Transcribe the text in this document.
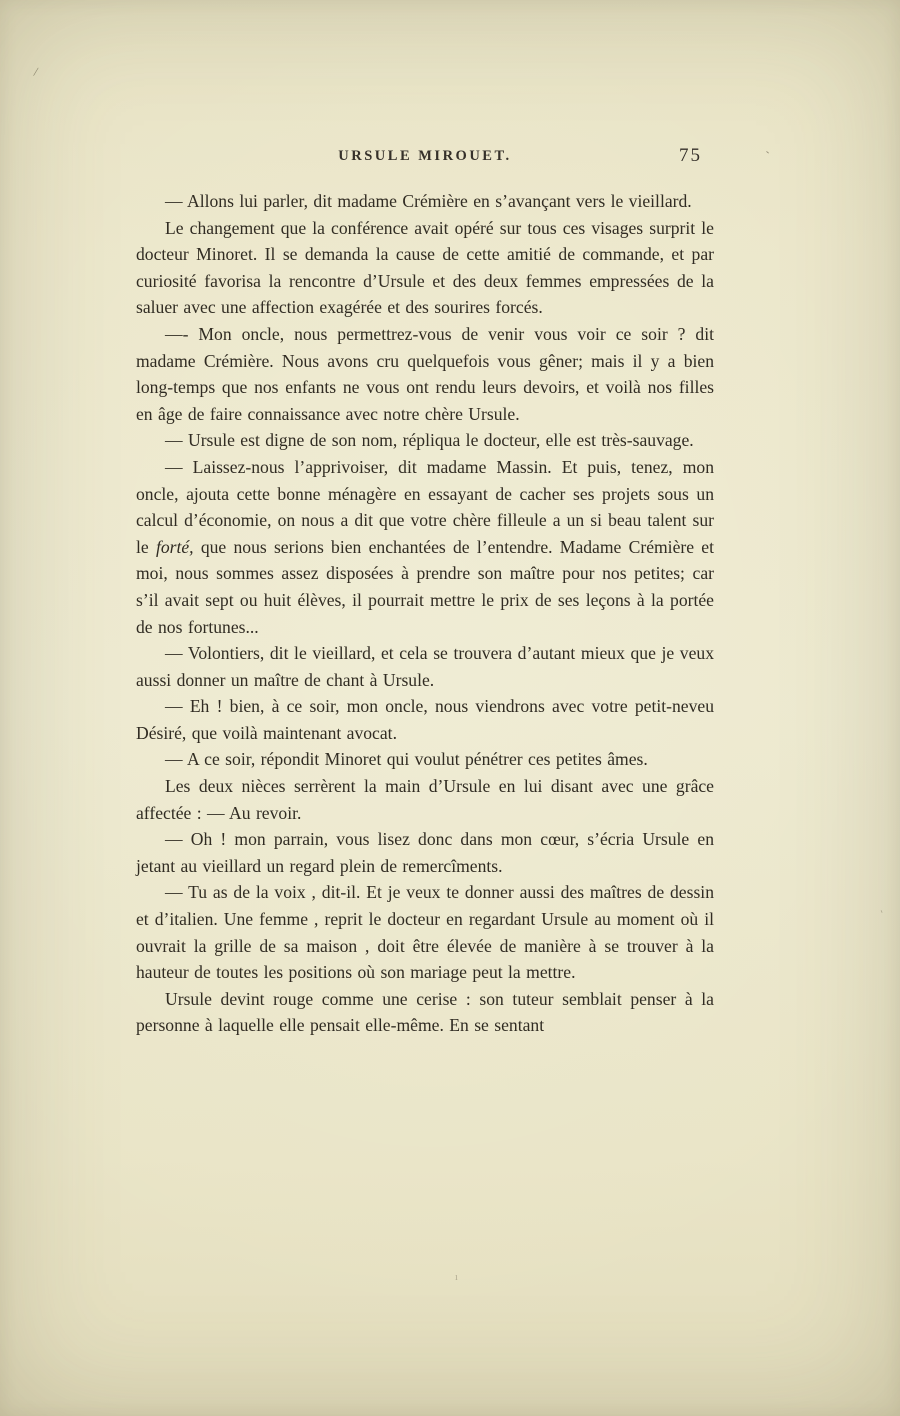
/
-
-
ı
URSULE MIROUET.	75

— Allons lui parler, dit madame Crémière en s’avançant vers le vieillard.

Le changement que la conférence avait opéré sur tous ces visages surprit le docteur Minoret. Il se demanda la cause de cette amitié de commande, et par curiosité favorisa la rencontre d’Ursule et des deux femmes empressées de la saluer avec une affection exagérée et des sourires forcés.

—- Mon oncle, nous permettrez-vous de venir vous voir ce soir ? dit madame Crémière. Nous avons cru quelquefois vous gêner; mais il y a bien long-temps que nos enfants ne vous ont rendu leurs devoirs, et voilà nos filles en âge de faire connaissance avec notre chère Ursule.

— Ursule est digne de son nom, répliqua le docteur, elle est très-sauvage.

— Laissez-nous l’apprivoiser, dit madame Massin. Et puis, tenez, mon oncle, ajouta cette bonne ménagère en essayant de cacher ses projets sous un calcul d’économie, on nous a dit que votre chère filleule a un si beau talent sur le forté, que nous serions bien enchantées de l’entendre. Madame Crémière et moi, nous sommes assez disposées à prendre son maître pour nos petites; car s’il avait sept ou huit élèves, il pourrait mettre le prix de ses leçons à la portée de nos fortunes...

— Volontiers, dit le vieillard, et cela se trouvera d’autant mieux que je veux aussi donner un maître de chant à Ursule.

— Eh ! bien, à ce soir, mon oncle, nous viendrons avec votre petit-neveu Désiré, que voilà maintenant avocat.

— A ce soir, répondit Minoret qui voulut pénétrer ces petites âmes.

Les deux nièces serrèrent la main d’Ursule en lui disant avec une grâce affectée : — Au revoir.

— Oh ! mon parrain, vous lisez donc dans mon cœur, s’écria Ursule en jetant au vieillard un regard plein de remercîments.

— Tu as de la voix , dit-il. Et je veux te donner aussi des maîtres de dessin et d’italien. Une femme , reprit le docteur en regardant Ursule au moment où il ouvrait la grille de sa maison , doit être élevée de manière à se trouver à la hauteur de toutes les positions où son mariage peut la mettre.

Ursule devint rouge comme une cerise : son tuteur semblait penser à la personne à laquelle elle pensait elle-même. En se sentant
